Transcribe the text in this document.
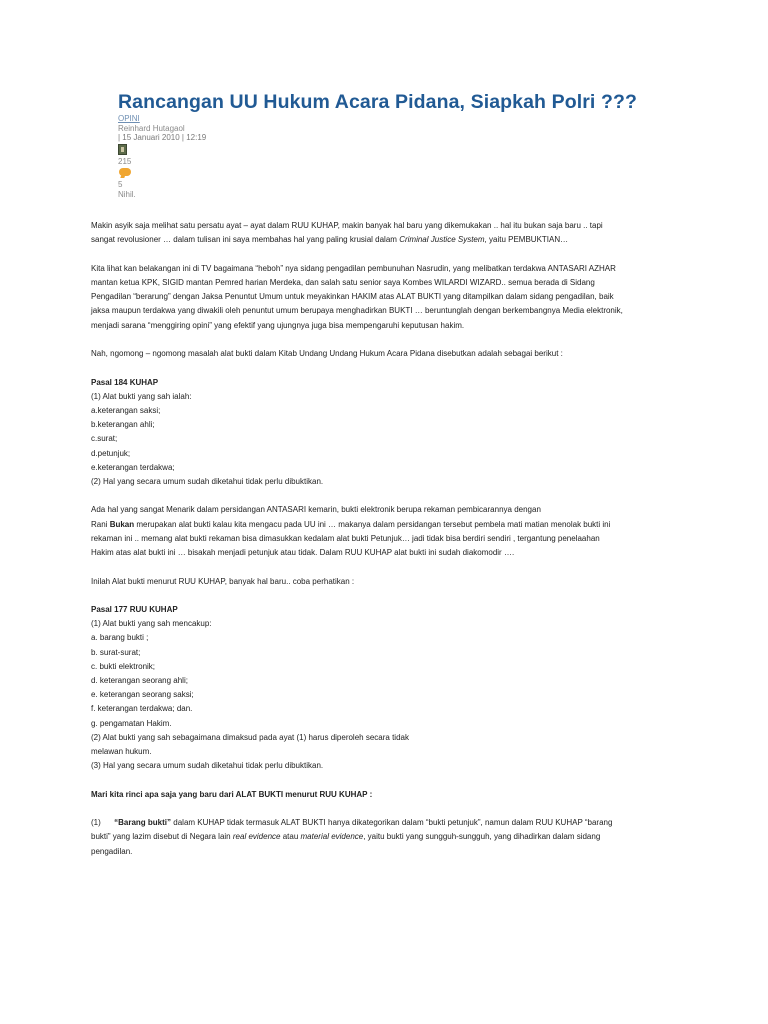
Rancangan UU Hukum Acara Pidana, Siapkah Polri ???
OPINI
Reinhard Hutagaol
| 15 Januari 2010 | 12:19
215
5
Nihil.

Makin asyik saja melihat satu persatu ayat – ayat dalam RUU KUHAP, makin banyak hal baru yang dikemukakan .. hal itu bukan saja baru .. tapi
sangat revolusioner … dalam tulisan ini saya membahas hal yang paling krusial dalam Criminal Justice System, yaitu PEMBUKTIAN…

Kita lihat kan belakangan ini di TV bagaimana “heboh” nya sidang pengadilan pembunuhan Nasrudin, yang melibatkan terdakwa ANTASARI AZHAR
mantan ketua KPK, SIGID mantan Pemred harian Merdeka, dan salah satu senior saya Kombes WILARDI WIZARD.. semua berada di Sidang
Pengadilan “berarung” dengan Jaksa Penuntut Umum untuk meyakinkan HAKIM atas ALAT BUKTI yang ditampilkan dalam sidang pengadilan, baik
jaksa maupun terdakwa yang diwakili oleh penuntut umum berupaya menghadirkan BUKTI … beruntunglah dengan berkembangnya Media elektronik,
menjadi sarana “menggiring opini” yang efektif yang ujungnya juga bisa mempengaruhi keputusan hakim.

Nah, ngomong – ngomong masalah alat bukti dalam Kitab Undang Undang Hukum Acara Pidana disebutkan adalah sebagai berikut :

Pasal 184 KUHAP

(1) Alat bukti yang sah ialah:
a.keterangan saksi;
b.keterangan ahli;
c.surat;
d.petunjuk;
e.keterangan terdakwa;
(2) Hal yang secara umum sudah diketahui tidak perlu dibuktikan.

Ada hal yang sangat Menarik dalam persidangan ANTASARI kemarin, bukti elektronik berupa rekaman pembicarannya dengan
Rani Bukan merupakan alat bukti kalau kita mengacu pada UU ini … makanya dalam persidangan tersebut pembela mati matian menolak bukti ini
rekaman ini .. memang alat bukti rekaman bisa dimasukkan kedalam alat bukti Petunjuk… jadi tidak bisa berdiri sendiri , tergantung penelaahan
Hakim atas alat bukti ini … bisakah menjadi petunjuk atau tidak. Dalam RUU KUHAP alat bukti ini sudah diakomodir ….

Inilah Alat bukti menurut RUU KUHAP, banyak hal baru.. coba perhatikan :

Pasal 177 RUU KUHAP

(1) Alat bukti yang sah mencakup:
a. barang bukti ;
b. surat-surat;
c. bukti elektronik;
d. keterangan seorang ahli;
e. keterangan seorang saksi;
f. keterangan terdakwa; dan.
g. pengamatan Hakim.
(2) Alat bukti yang sah sebagaimana dimaksud pada ayat (1) harus diperoleh secara tidak
melawan hukum.
(3) Hal yang secara umum sudah diketahui tidak perlu dibuktikan.

Mari kita rinci apa saja yang baru dari ALAT BUKTI menurut RUU KUHAP :

(1) “Barang bukti” dalam KUHAP tidak termasuk ALAT BUKTI hanya dikategorikan dalam “bukti petunjuk”, namun dalam RUU KUHAP “barang
bukti” yang lazim disebut di Negara lain real evidence atau material evidence, yaitu bukti yang sungguh-sungguh, yang dihadirkan dalam sidang
pengadilan.
